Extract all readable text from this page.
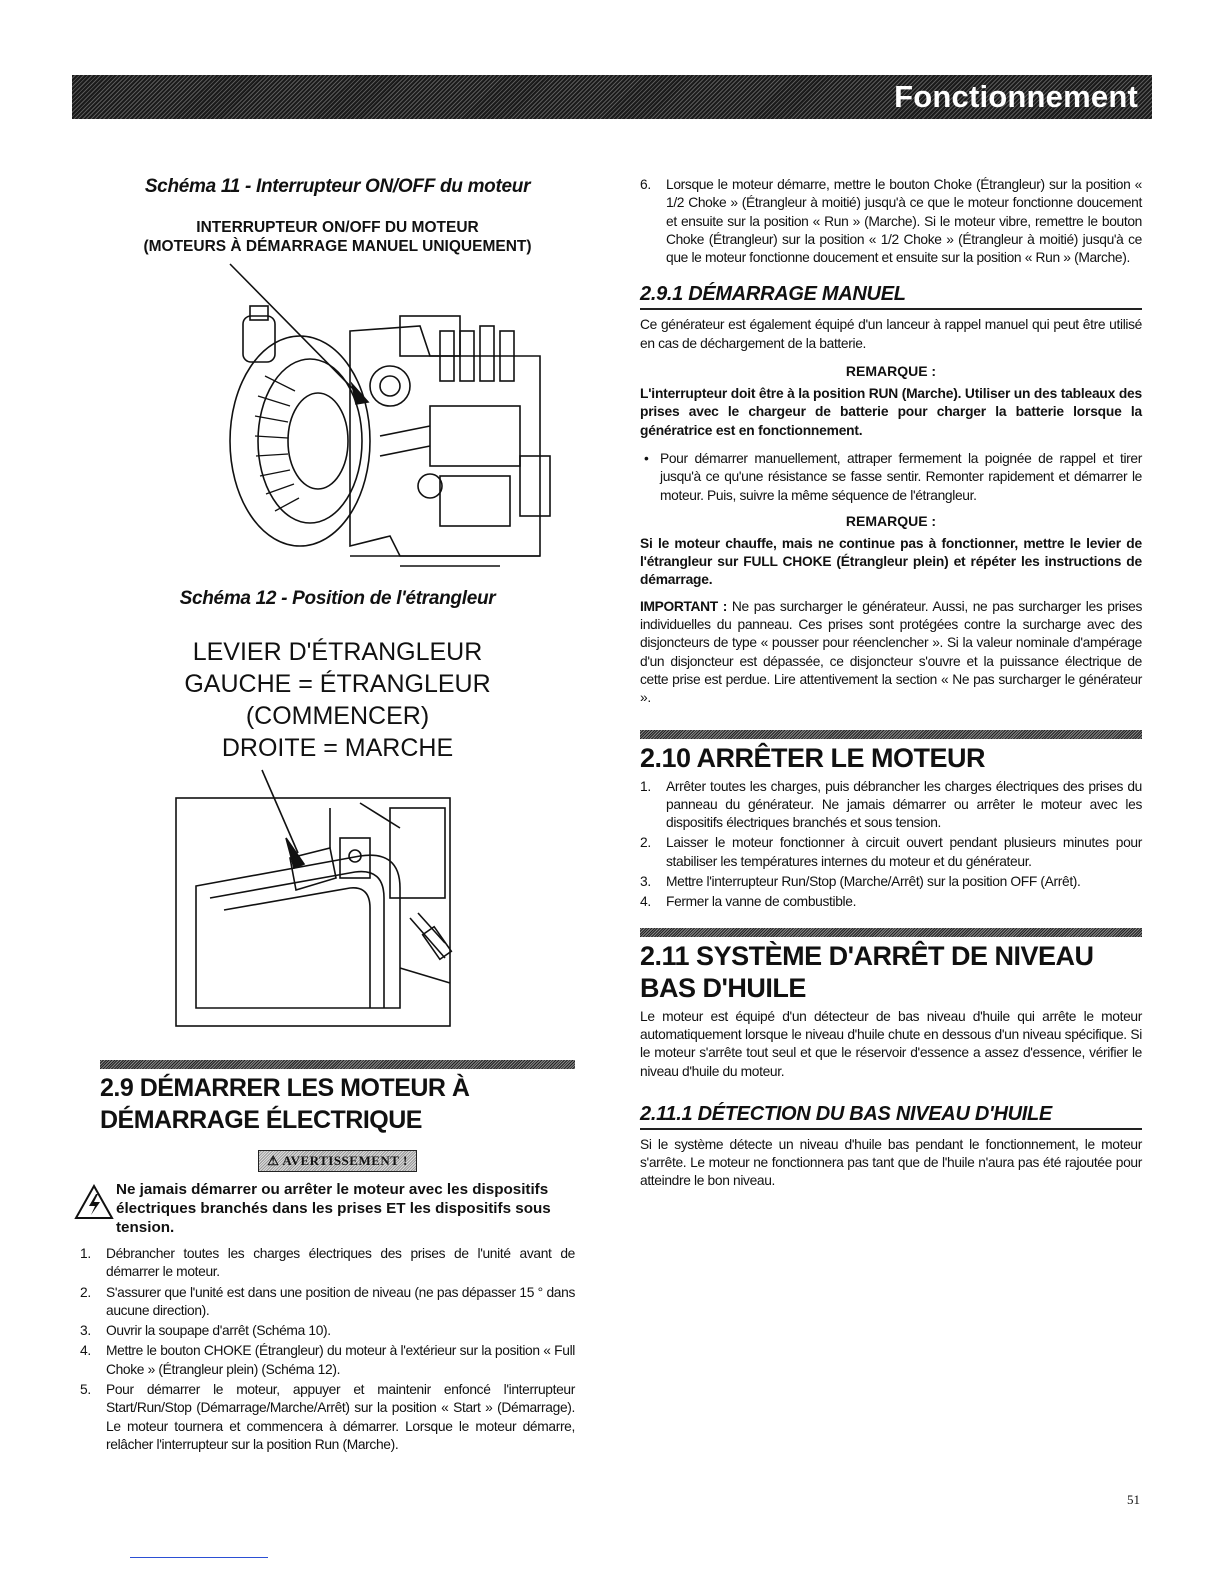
Fonctionnement
Schéma 11 - Interrupteur ON/OFF du moteur
INTERRUPTEUR ON/OFF DU MOTEUR
(MOTEURS À DÉMARRAGE MANUEL UNIQUEMENT)
Schéma 12 - Position de l'étrangleur
LEVIER D'ÉTRANGLEUR
GAUCHE = ÉTRANGLEUR (COMMENCER)
DROITE = MARCHE
2.9 DÉMARRER LES MOTEUR À DÉMARRAGE ÉLECTRIQUE
⚠ AVERTISSEMENT !
Ne jamais démarrer ou arrêter le moteur avec les dispositifs électriques branchés dans les prises ET les dispositifs sous tension.
1. Débrancher toutes les charges électriques des prises de l'unité avant de démarrer le moteur.
2. S'assurer que l'unité est dans une position de niveau (ne pas dépasser 15 ° dans aucune direction).
3. Ouvrir la soupape d'arrêt (Schéma 10).
4. Mettre le bouton CHOKE (Étrangleur) du moteur à l'extérieur sur la position « Full Choke » (Étrangleur plein) (Schéma 12).
5. Pour démarrer le moteur, appuyer et maintenir enfoncé l'interrupteur Start/Run/Stop (Démarrage/Marche/Arrêt) sur la position « Start » (Démarrage). Le moteur tournera et commencera à démarrer. Lorsque le moteur démarre, relâcher l'interrupteur sur la position Run (Marche).
6. Lorsque le moteur démarre, mettre le bouton Choke (Étrangleur) sur la position « 1/2 Choke » (Étrangleur à moitié) jusqu'à ce que le moteur fonctionne doucement et ensuite sur la position « Run » (Marche). Si le moteur vibre, remettre le bouton Choke (Étrangleur) sur la position « 1/2 Choke » (Étrangleur à moitié) jusqu'à ce que le moteur fonctionne doucement et ensuite sur la position « Run » (Marche).
2.9.1 DÉMARRAGE MANUEL
Ce générateur est également équipé d'un lanceur à rappel manuel qui peut être utilisé en cas de déchargement de la batterie.
REMARQUE :
L'interrupteur doit être à la position RUN (Marche). Utiliser un des tableaux des prises avec le chargeur de batterie pour charger la batterie lorsque la génératrice est en fonctionnement.
• Pour démarrer manuellement, attraper fermement la poignée de rappel et tirer jusqu'à ce qu'une résistance se fasse sentir. Remonter rapidement et démarrer le moteur. Puis, suivre la même séquence de l'étrangleur.
REMARQUE :
Si le moteur chauffe, mais ne continue pas à fonctionner, mettre le levier de l'étrangleur sur FULL CHOKE (Étrangleur plein) et répéter les instructions de démarrage.
IMPORTANT : Ne pas surcharger le générateur. Aussi, ne pas surcharger les prises individuelles du panneau. Ces prises sont protégées contre la surcharge avec des disjoncteurs de type « pousser pour réenclencher ». Si la valeur nominale d'ampérage d'un disjoncteur est dépassée, ce disjoncteur s'ouvre et la puissance électrique de cette prise est perdue. Lire attentivement la section « Ne pas surcharger le générateur ».
2.10 ARRÊTER LE MOTEUR
1. Arrêter toutes les charges, puis débrancher les charges électriques des prises du panneau du générateur. Ne jamais démarrer ou arrêter le moteur avec les dispositifs électriques branchés et sous tension.
2. Laisser le moteur fonctionner à circuit ouvert pendant plusieurs minutes pour stabiliser les températures internes du moteur et du générateur.
3. Mettre l'interrupteur Run/Stop (Marche/Arrêt) sur la position OFF (Arrêt).
4. Fermer la vanne de combustible.
2.11 SYSTÈME D'ARRÊT DE NIVEAU BAS D'HUILE
Le moteur est équipé d'un détecteur de bas niveau d'huile qui arrête le moteur automatiquement lorsque le niveau d'huile chute en dessous d'un niveau spécifique. Si le moteur s'arrête tout seul et que le réservoir d'essence a assez d'essence, vérifier le niveau d'huile du moteur.
2.11.1 DÉTECTION DU BAS NIVEAU D'HUILE
Si le système détecte un niveau d'huile bas pendant le fonctionnement, le moteur s'arrête. Le moteur ne fonctionnera pas tant que de l'huile n'aura pas été rajoutée pour atteindre le bon niveau.
51
